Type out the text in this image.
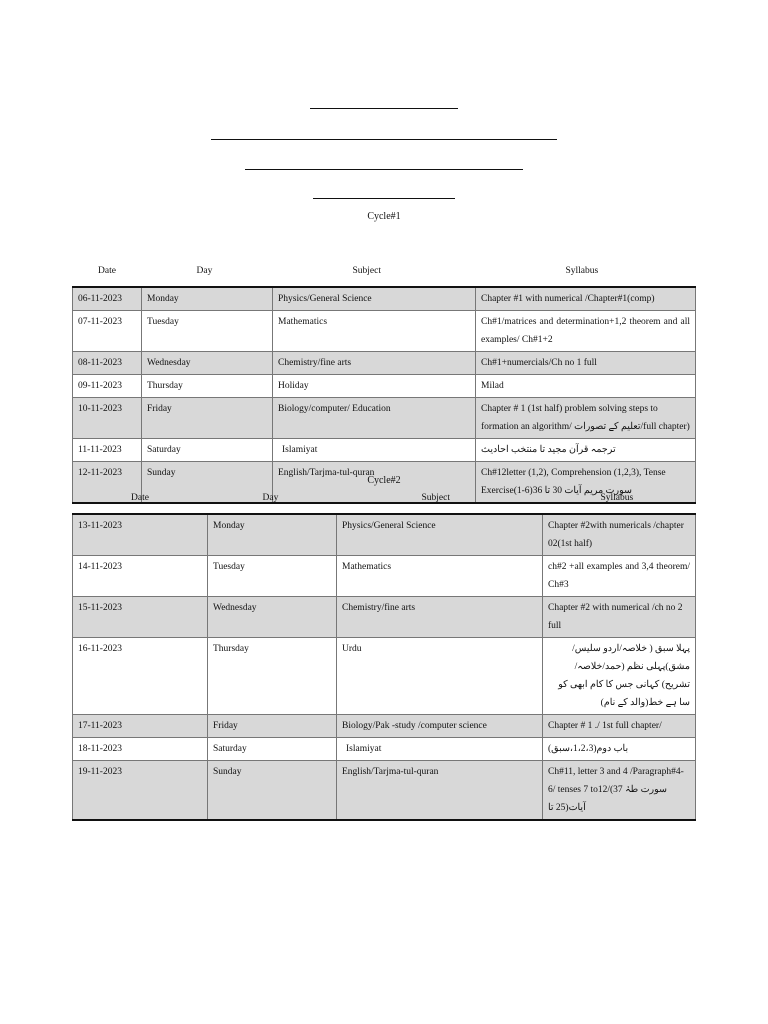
Cycle#1
Date	Day	Subject	Syllabus
06-11-2023	Monday	Physics/General Science	Chapter #1 with numerical /Chapter#1(comp)
07-11-2023	Tuesday	Mathematics	Ch#1/matrices and determination+1,2 theorem and all examples/ Ch#1+2
08-11-2023	Wednesday	Chemistry/fine arts	Ch#1+numercials/Ch no 1 full
09-11-2023	Thursday	Holiday	Milad
10-11-2023	Friday	Biology/computer/ Education	Chapter # 1 (1st half) problem solving steps to formation an algorithm/ تعلیم کے تصورات/full chapter)
11-11-2023	Saturday	Islamiyat	ترجمہ قرآن مجید تا منتخب احادیث
12-11-2023	Sunday	English/Tarjma-tul-quran	Ch#12letter (1,2), Comprehension (1,2,3), Tense Exercise(1-6)36 سورت مریم آیات 30 تا
Cycle#2
Date	Day	Subject	Syllabus
13-11-2023	Monday	Physics/General Science	Chapter #2with numericals /chapter 02(1st half)
14-11-2023	Tuesday	Mathematics	ch#2 +all examples and 3,4 theorem/ Ch#3
15-11-2023	Wednesday	Chemistry/fine arts	Chapter #2 with numerical /ch no 2 full
16-11-2023	Thursday	Urdu	پہلا سبق ( خلاصہ/اردو سلیس/مشق)پہلی نظم (حمد/خلاصہ/تشریح) کہانی جس کا کام ابھی کو سا ہے خط(والد کے نام)
17-11-2023	Friday	Biology/Pak -study /computer science	Chapter # 1 ./ 1st full chapter/
18-11-2023	Saturday	Islamiyat	باب دوم(1،2،3،سبق)
19-11-2023	Sunday	English/Tarjma-tul-quran	Ch#11, letter 3 and 4 /Paragraph#4-6/ tenses 7 to12/(37 سورت طہٰ آیات(25 تا
